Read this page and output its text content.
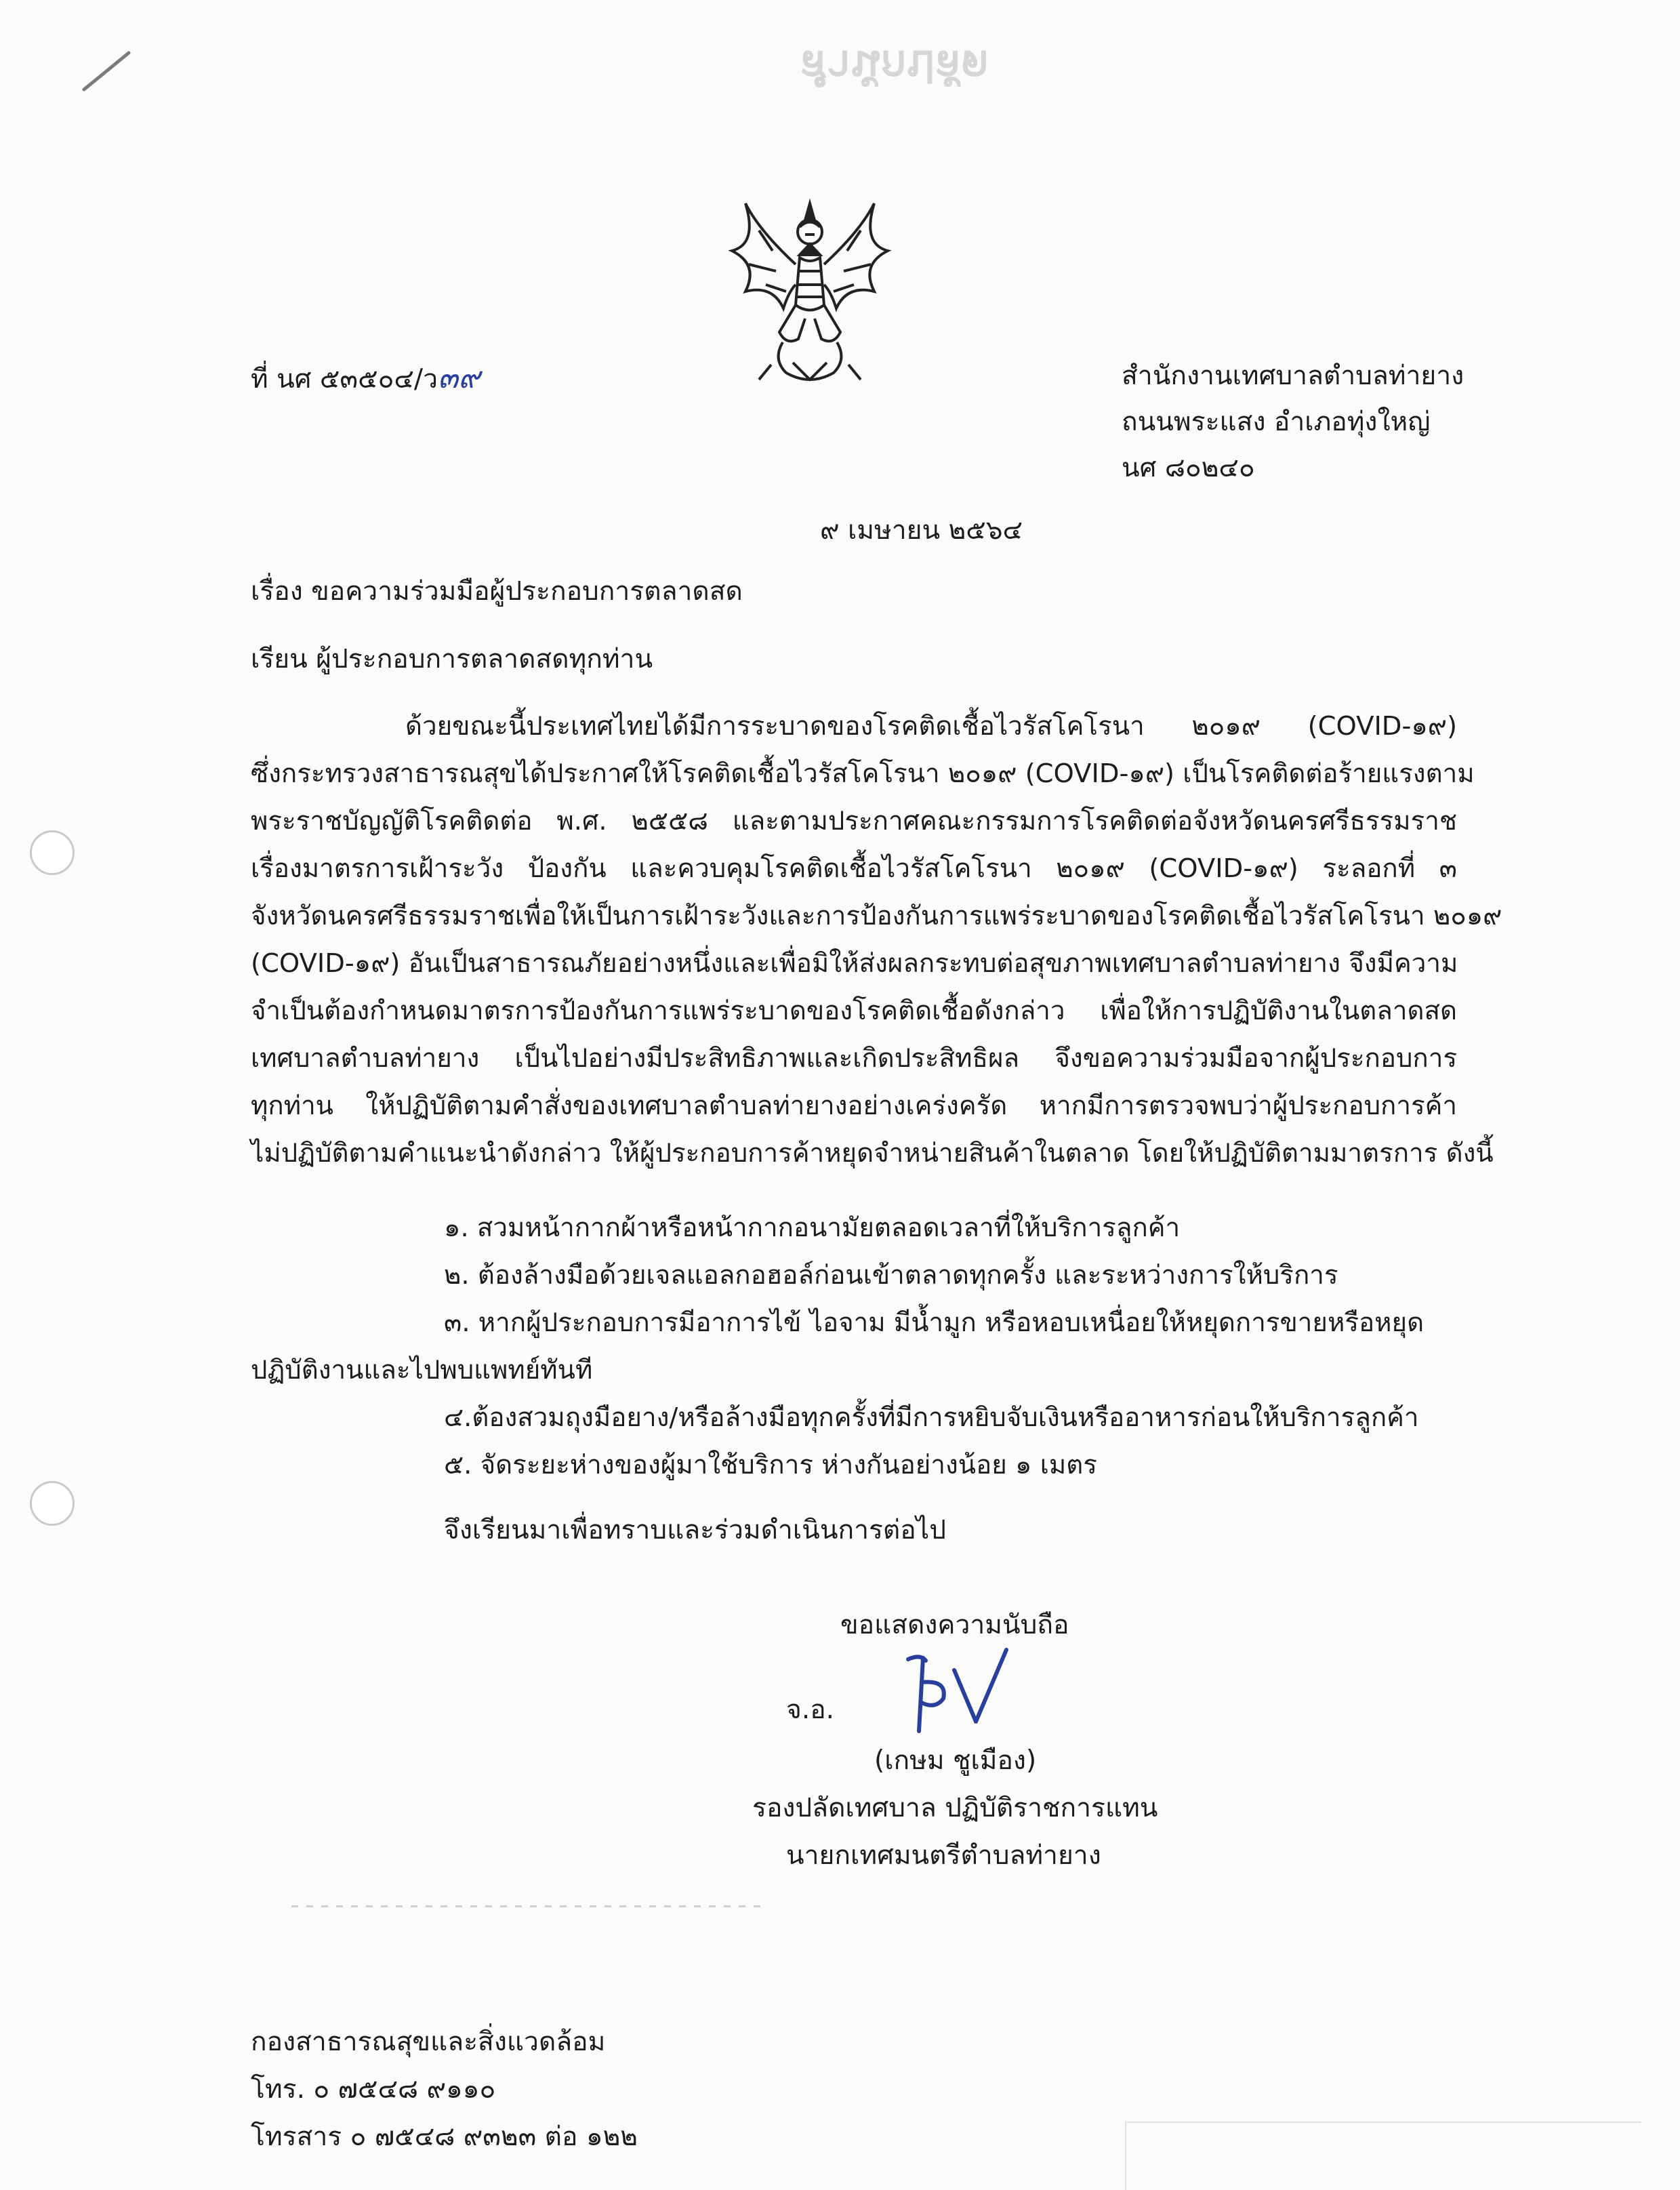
สำนักปลัด
ที่ นศ ๕๓๕๐๔/ว๓๙	สำนักงานเทศบาลตำบลท่ายาง
ถนนพระแสง อำเภอทุ่งใหญ่
นศ ๘๐๒๔๐
๙ เมษายน ๒๕๖๔
เรื่อง ขอความร่วมมือผู้ประกอบการตลาดสด
เรียน ผู้ประกอบการตลาดสดทุกท่าน
ด้วยขณะนี้ประเทศไทยได้มีการระบาดของโรคติดเชื้อไวรัสโคโรนา ๒๐๑๙ (COVID-๑๙)
ซึ่งกระทรวงสาธารณสุขได้ประกาศให้โรคติดเชื้อไวรัสโคโรนา ๒๐๑๙ (COVID-๑๙) เป็นโรคติดต่อร้ายแรงตาม
พระราชบัญญัติโรคติดต่อ พ.ศ. ๒๕๕๘ และตามประกาศคณะกรรมการโรคติดต่อจังหวัดนครศรีธรรมราช
เรื่องมาตรการเฝ้าระวัง ป้องกัน และควบคุมโรคติดเชื้อไวรัสโคโรนา ๒๐๑๙ (COVID-๑๙) ระลอกที่ ๓
จังหวัดนครศรีธรรมราชเพื่อให้เป็นการเฝ้าระวังและการป้องกันการแพร่ระบาดของโรคติดเชื้อไวรัสโคโรนา ๒๐๑๙
(COVID-๑๙) อันเป็นสาธารณภัยอย่างหนึ่งและเพื่อมิให้ส่งผลกระทบต่อสุขภาพเทศบาลตำบลท่ายาง จึงมีความ
จำเป็นต้องกำหนดมาตรการป้องกันการแพร่ระบาดของโรคติดเชื้อดังกล่าว เพื่อให้การปฏิบัติงานในตลาดสด
เทศบาลตำบลท่ายาง เป็นไปอย่างมีประสิทธิภาพและเกิดประสิทธิผล จึงขอความร่วมมือจากผู้ประกอบการ
ทุกท่าน ให้ปฏิบัติตามคำสั่งของเทศบาลตำบลท่ายางอย่างเคร่งครัด หากมีการตรวจพบว่าผู้ประกอบการค้า
ไม่ปฏิบัติตามคำแนะนำดังกล่าว ให้ผู้ประกอบการค้าหยุดจำหน่ายสินค้าในตลาด โดยให้ปฏิบัติตามมาตรการ ดังนี้
๑. สวมหน้ากากผ้าหรือหน้ากากอนามัยตลอดเวลาที่ให้บริการลูกค้า
๒. ต้องล้างมือด้วยเจลแอลกอฮอล์ก่อนเข้าตลาดทุกครั้ง และระหว่างการให้บริการ
๓. หากผู้ประกอบการมีอาการไข้ ไอจาม มีน้ำมูก หรือหอบเหนื่อยให้หยุดการขายหรือหยุด
ปฏิบัติงานและไปพบแพทย์ทันที
๔.ต้องสวมถุงมือยาง/หรือล้างมือทุกครั้งที่มีการหยิบจับเงินหรืออาหารก่อนให้บริการลูกค้า
๕. จัดระยะห่างของผู้มาใช้บริการ ห่างกันอย่างน้อย ๑ เมตร
จึงเรียนมาเพื่อทราบและร่วมดำเนินการต่อไป
ขอแสดงความนับถือ
จ.อ.
(เกษม ชูเมือง)
รองปลัดเทศบาล ปฏิบัติราชการแทน
นายกเทศมนตรีตำบลท่ายาง
กองสาธารณสุขและสิ่งแวดล้อม
โทร. ๐ ๗๕๔๘ ๙๑๑๐
โทรสาร ๐ ๗๕๔๘ ๙๓๒๓ ต่อ ๑๒๒
